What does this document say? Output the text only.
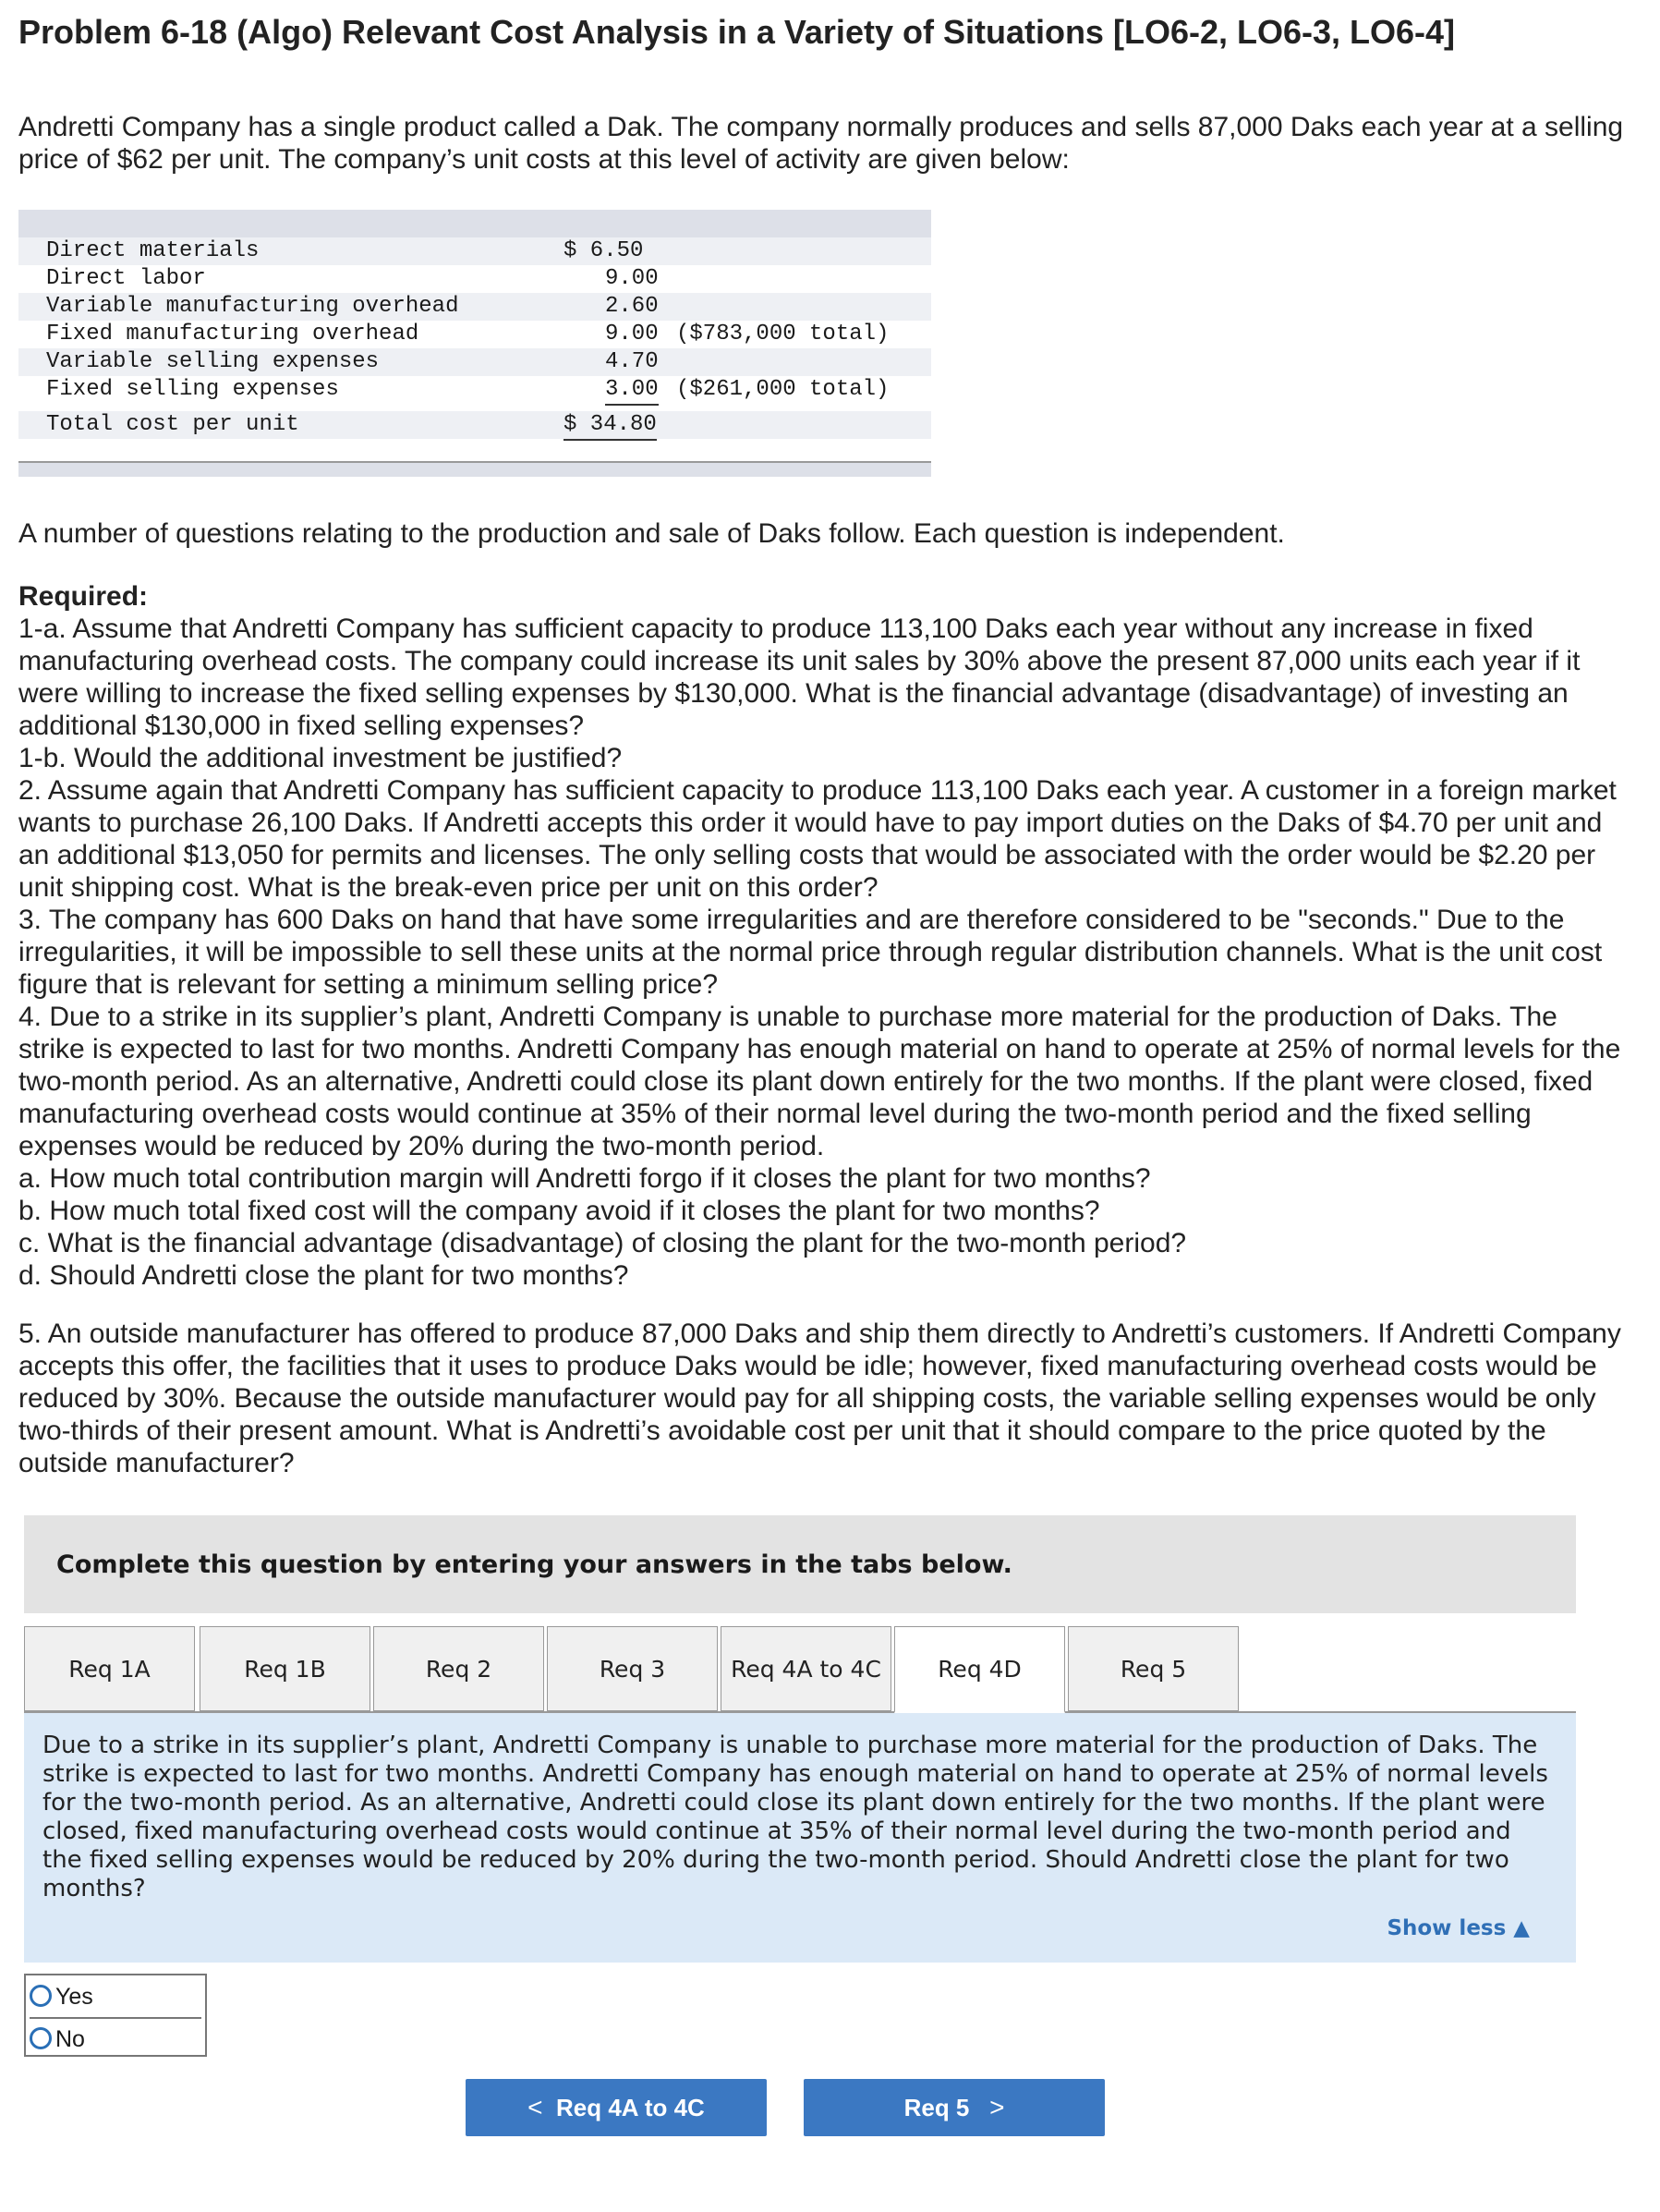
Problem 6-18 (Algo) Relevant Cost Analysis in a Variety of Situations [LO6-2, LO6-3, LO6-4]
Andretti Company has a single product called a Dak. The company normally produces and sells 87,000 Daks each year at a selling price of $62 per unit. The company’s unit costs at this level of activity are given below:
Direct materials	$ 6.50
Direct labor	9.00
Variable manufacturing overhead	2.60
Fixed manufacturing overhead	9.00 ($783,000 total)
Variable selling expenses	4.70
Fixed selling expenses	3.00 ($261,000 total)
Total cost per unit	$ 34.80
A number of questions relating to the production and sale of Daks follow. Each question is independent.
Required:
1-a. Assume that Andretti Company has sufficient capacity to produce 113,100 Daks each year without any increase in fixed manufacturing overhead costs. The company could increase its unit sales by 30% above the present 87,000 units each year if it were willing to increase the fixed selling expenses by $130,000. What is the financial advantage (disadvantage) of investing an additional $130,000 in fixed selling expenses?
1-b. Would the additional investment be justified?
2. Assume again that Andretti Company has sufficient capacity to produce 113,100 Daks each year. A customer in a foreign market wants to purchase 26,100 Daks. If Andretti accepts this order it would have to pay import duties on the Daks of $4.70 per unit and an additional $13,050 for permits and licenses. The only selling costs that would be associated with the order would be $2.20 per unit shipping cost. What is the break-even price per unit on this order?
3. The company has 600 Daks on hand that have some irregularities and are therefore considered to be "seconds." Due to the irregularities, it will be impossible to sell these units at the normal price through regular distribution channels. What is the unit cost figure that is relevant for setting a minimum selling price?
4. Due to a strike in its supplier’s plant, Andretti Company is unable to purchase more material for the production of Daks. The strike is expected to last for two months. Andretti Company has enough material on hand to operate at 25% of normal levels for the two-month period. As an alternative, Andretti could close its plant down entirely for the two months. If the plant were closed, fixed manufacturing overhead costs would continue at 35% of their normal level during the two-month period and the fixed selling expenses would be reduced by 20% during the two-month period.
a. How much total contribution margin will Andretti forgo if it closes the plant for two months?
b. How much total fixed cost will the company avoid if it closes the plant for two months?
c. What is the financial advantage (disadvantage) of closing the plant for the two-month period?
d. Should Andretti close the plant for two months?
5. An outside manufacturer has offered to produce 87,000 Daks and ship them directly to Andretti’s customers. If Andretti Company accepts this offer, the facilities that it uses to produce Daks would be idle; however, fixed manufacturing overhead costs would be reduced by 30%. Because the outside manufacturer would pay for all shipping costs, the variable selling expenses would be only two-thirds of their present amount. What is Andretti’s avoidable cost per unit that it should compare to the price quoted by the outside manufacturer?
Complete this question by entering your answers in the tabs below.
Req 1A	Req 1B	Req 2	Req 3	Req 4A to 4C	Req 4D	Req 5
Due to a strike in its supplier’s plant, Andretti Company is unable to purchase more material for the production of Daks. The strike is expected to last for two months. Andretti Company has enough material on hand to operate at 25% of normal levels for the two-month period. As an alternative, Andretti could close its plant down entirely for the two months. If the plant were closed, fixed manufacturing overhead costs would continue at 35% of their normal level during the two-month period and the fixed selling expenses would be reduced by 20% during the two-month period. Should Andretti close the plant for two months?
Show less ▲
Yes
No
< Req 4A to 4C	Req 5 >
